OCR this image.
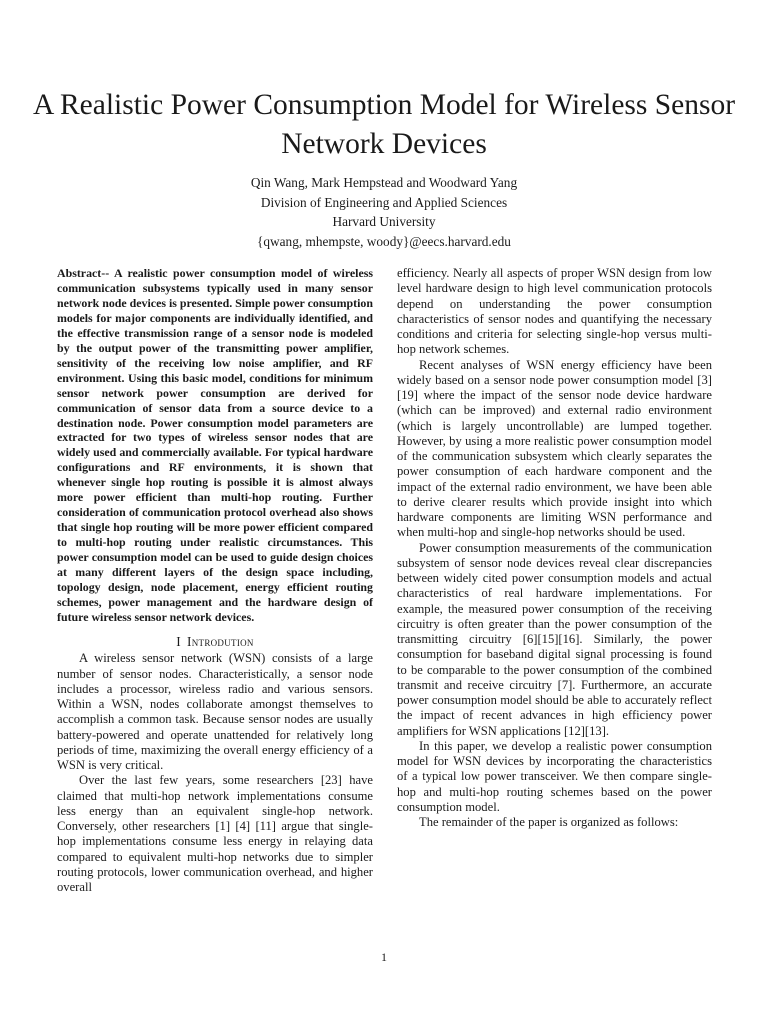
A Realistic Power Consumption Model for Wireless Sensor Network Devices
Qin Wang, Mark Hempstead and Woodward Yang
Division of Engineering and Applied Sciences
Harvard University
{qwang, mhempste, woody}@eecs.harvard.edu

Abstract-- A realistic power consumption model of wireless communication subsystems typically used in many sensor network node devices is presented. Simple power consumption models for major components are individually identified, and the effective transmission range of a sensor node is modeled by the output power of the transmitting power amplifier, sensitivity of the receiving low noise amplifier, and RF environment. Using this basic model, conditions for minimum sensor network power consumption are derived for communication of sensor data from a source device to a destination node. Power consumption model parameters are extracted for two types of wireless sensor nodes that are widely used and commercially available. For typical hardware configurations and RF environments, it is shown that whenever single hop routing is possible it is almost always more power efficient than multi-hop routing. Further consideration of communication protocol overhead also shows that single hop routing will be more power efficient compared to multi-hop routing under realistic circumstances. This power consumption model can be used to guide design choices at many different layers of the design space including, topology design, node placement, energy efficient routing schemes, power management and the hardware design of future wireless sensor network devices.

I Introdution

A wireless sensor network (WSN) consists of a large number of sensor nodes. Characteristically, a sensor node includes a processor, wireless radio and various sensors. Within a WSN, nodes collaborate amongst themselves to accomplish a common task. Because sensor nodes are usually battery-powered and operate unattended for relatively long periods of time, maximizing the overall energy efficiency of a WSN is very critical.

Over the last few years, some researchers [23] have claimed that multi-hop network implementations consume less energy than an equivalent single-hop network. Conversely, other researchers [1] [4] [11] argue that single-hop implementations consume less energy in relaying data compared to equivalent multi-hop networks due to simpler routing protocols, lower communication overhead, and higher overall

efficiency. Nearly all aspects of proper WSN design from low level hardware design to high level communication protocols depend on understanding the power consumption characteristics of sensor nodes and quantifying the necessary conditions and criteria for selecting single-hop versus multi-hop network schemes.

Recent analyses of WSN energy efficiency have been widely based on a sensor node power consumption model [3] [19] where the impact of the sensor node device hardware (which can be improved) and external radio environment (which is largely uncontrollable) are lumped together. However, by using a more realistic power consumption model of the communication subsystem which clearly separates the power consumption of each hardware component and the impact of the external radio environment, we have been able to derive clearer results which provide insight into which hardware components are limiting WSN performance and when multi-hop and single-hop networks should be used.

Power consumption measurements of the communication subsystem of sensor node devices reveal clear discrepancies between widely cited power consumption models and actual characteristics of real hardware implementations. For example, the measured power consumption of the receiving circuitry is often greater than the power consumption of the transmitting circuitry [6][15][16]. Similarly, the power consumption for baseband digital signal processing is found to be comparable to the power consumption of the combined transmit and receive circuitry [7]. Furthermore, an accurate power consumption model should be able to accurately reflect the impact of recent advances in high efficiency power amplifiers for WSN applications [12][13].

In this paper, we develop a realistic power consumption model for WSN devices by incorporating the characteristics of a typical low power transceiver. We then compare single-hop and multi-hop routing schemes based on the power consumption model.

The remainder of the paper is organized as follows:

1
